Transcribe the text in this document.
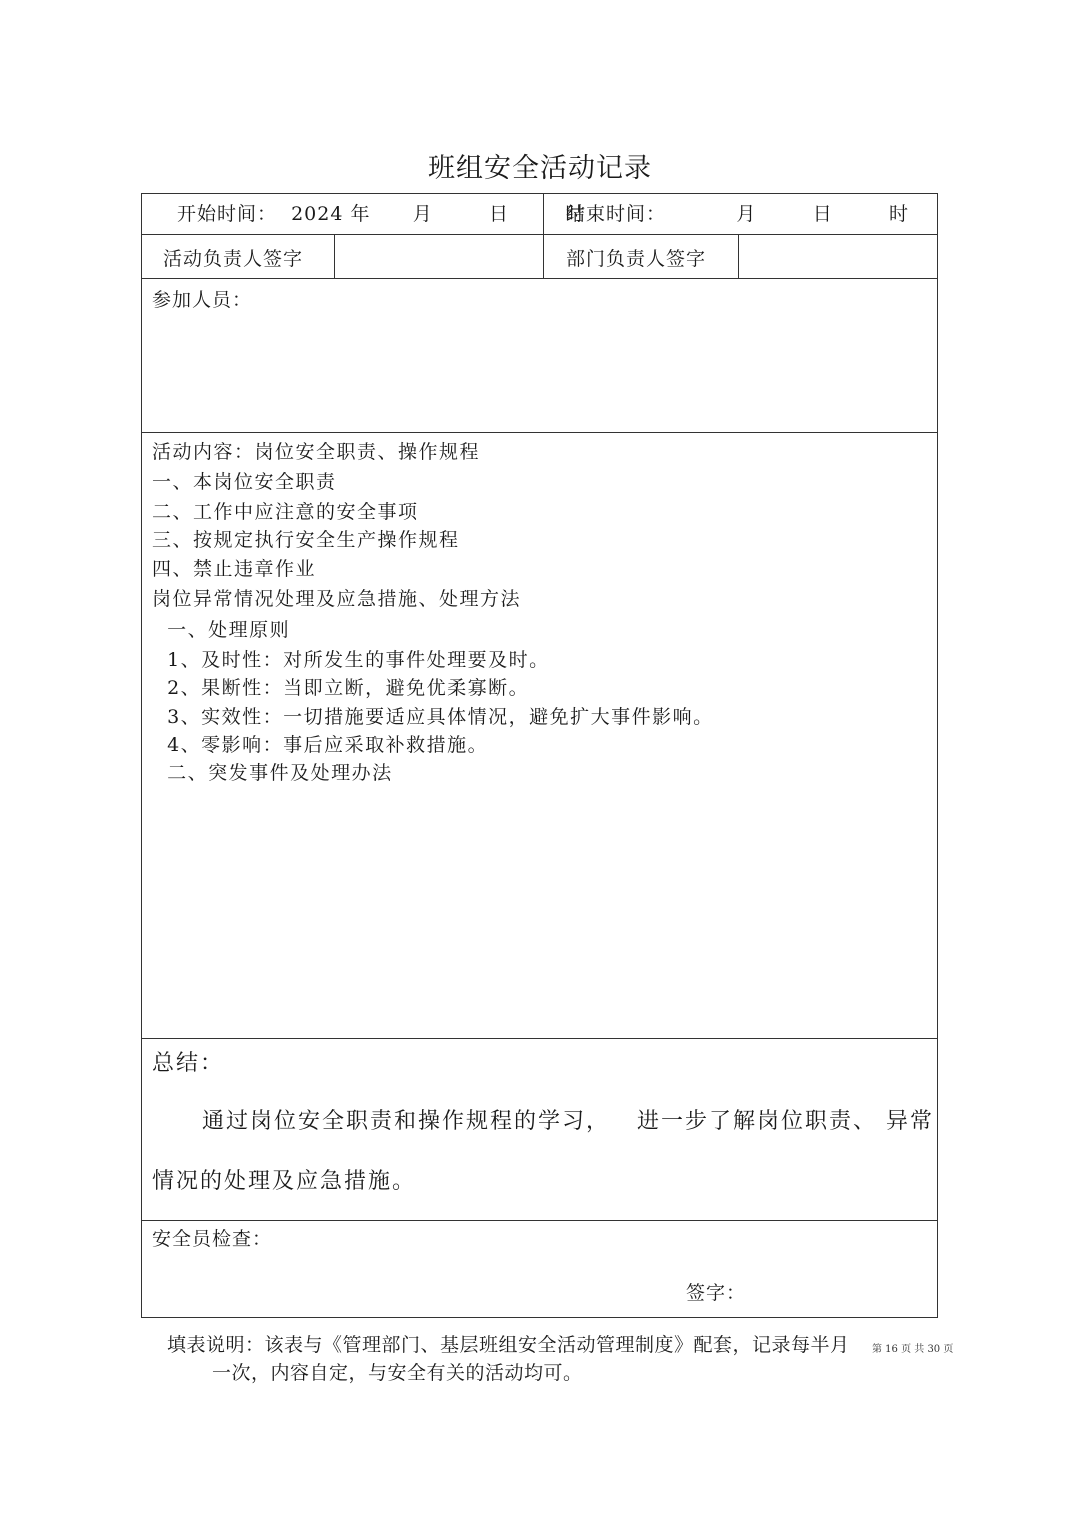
班组安全活动记录
开始时间：  2024 年      月        日        时
结束时间：          月        日        时
活动负责人签字	部门负责人签字
参加人员：
活动内容：岗位安全职责、操作规程
一、本岗位安全职责
二、工作中应注意的安全事项
三、按规定执行安全生产操作规程
四、禁止违章作业
岗位异常情况处理及应急措施、处理方法
一、处理原则
1、及时性：对所发生的事件处理要及时。
2、果断性：当即立断，避免优柔寡断。
3、实效性：一切措施要适应具体情况，避免扩大事件影响。
4、零影响：事后应采取补救措施。
二、突发事件及处理办法
总结：
通过岗位安全职责和操作规程的学习，   进一步了解岗位职责、 异常
情况的处理及应急措施。
安全员检查：
签字：
填表说明：该表与《管理部门、基层班组安全活动管理制度》配套，记录每半月
一次，内容自定，与安全有关的活动均可。
第 16 页 共 30 页
